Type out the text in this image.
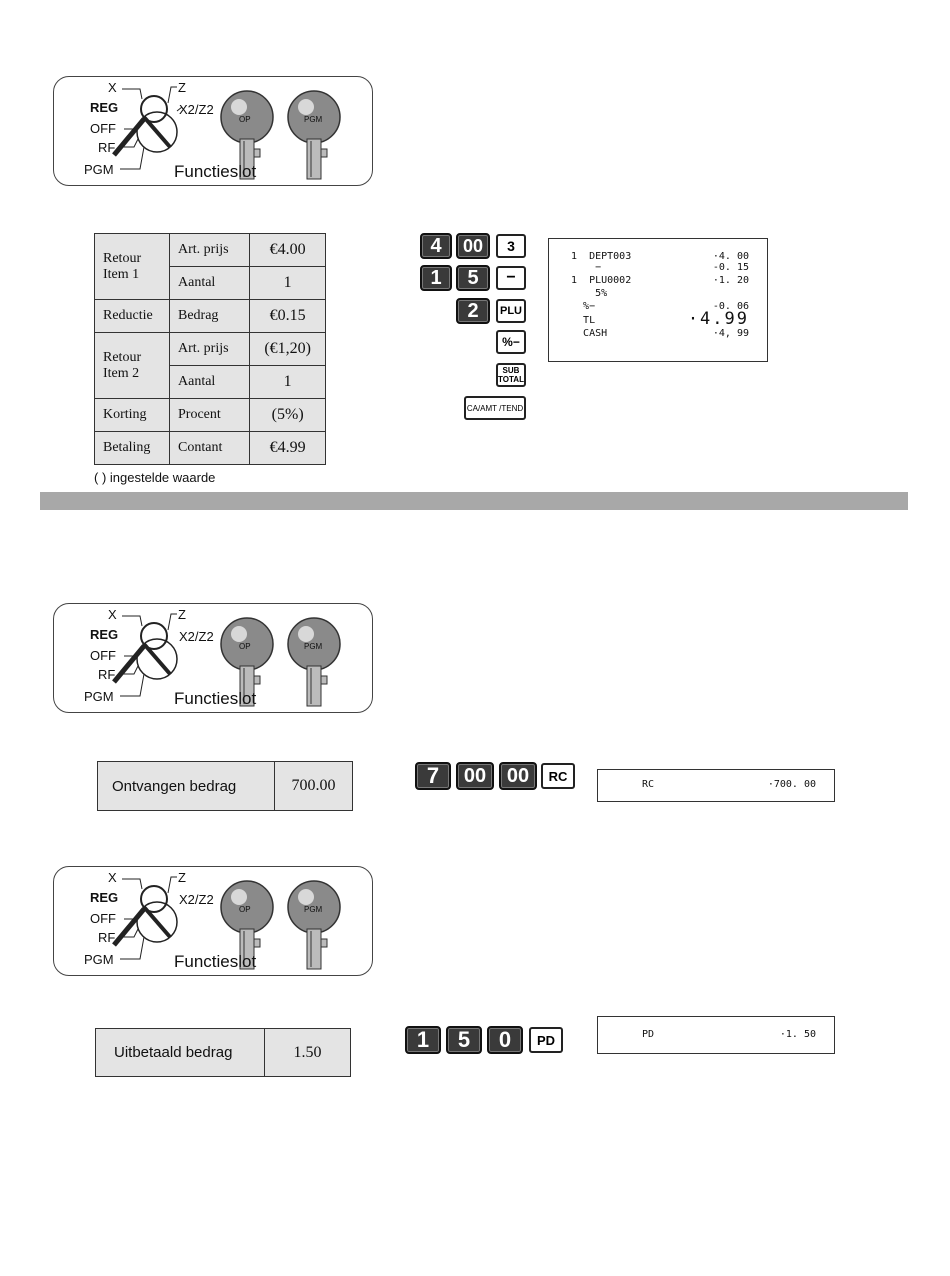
X	Z
REG	X2/Z2
OFF
RF
PGM
OP	PGM
Functieslot
X	Z
REG	X2/Z2
OFF
RF
PGM
OP	PGM
Functieslot
X	Z
REG	X2/Z2
OFF
RF
PGM
OP	PGM
Functieslot
Retour Item 1	Art. prijs	€4.00
	Aantal	1
Reductie	Bedrag	€0.15
Retour Item 2	Art. prijs	(€1,20)
	Aantal	1
Korting	Procent	(5%)
Betaling	Contant	€4.99
( ) ingestelde waarde
4	00	3
1	5	−
2	PLU
%−
SUB TOTAL
CA/AMT /TEND
1  DEPT003	·4. 00
−	-0. 15
1  PLU0002	·1. 20
5%
%−	-0. 06
TL	·4.99
CASH	·4, 99
Ontvangen bedrag	700.00	7	00	00	RC
RC	·700. 00
Uitbetaald bedrag	1.50	1	5	0	PD	PD	·1. 50
